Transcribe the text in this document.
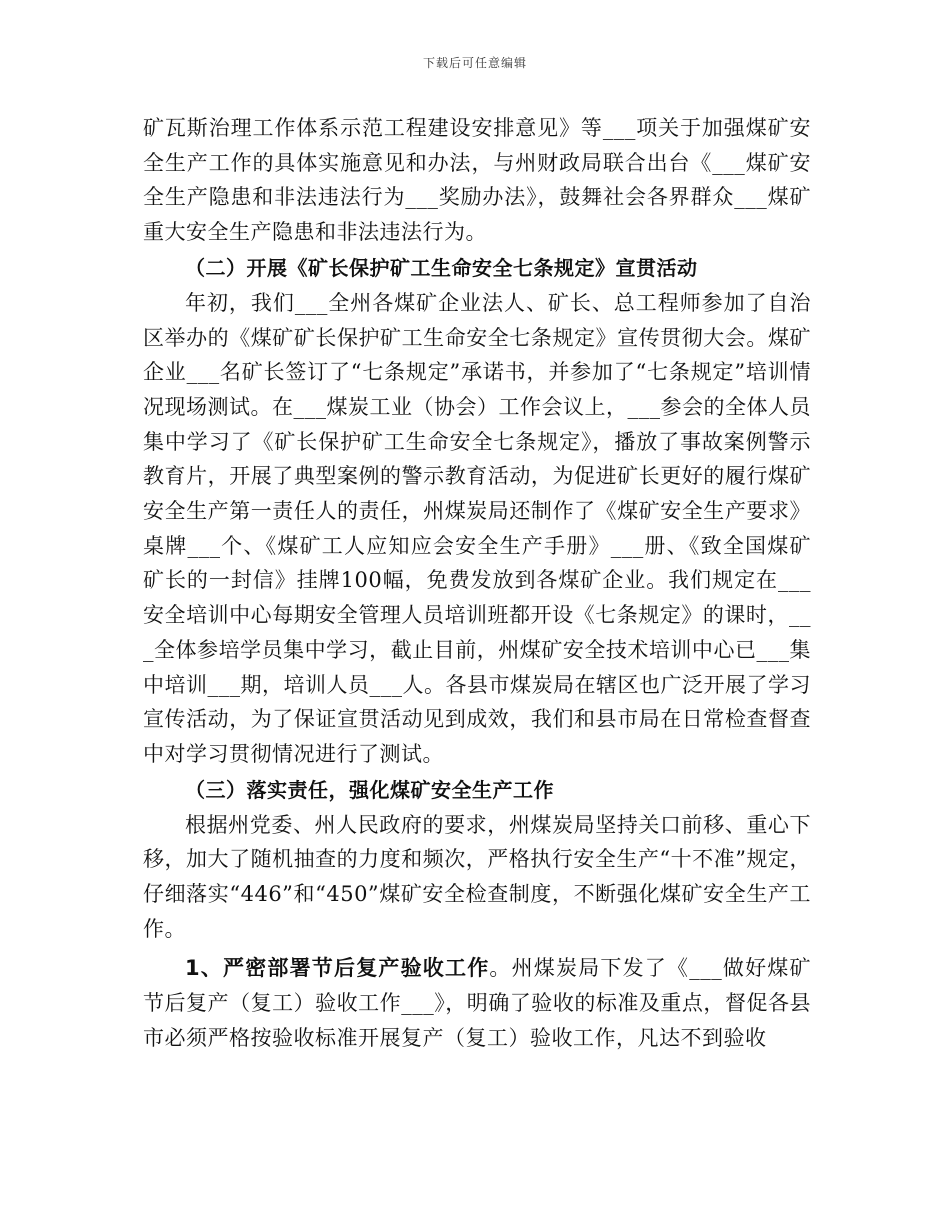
下载后可任意编辑

矿瓦斯治理工作体系示范工程建设安排意见》等___项关于加强煤矿安全生产工作的具体实施意见和办法，与州财政局联合出台《___煤矿安全生产隐患和非法违法行为___奖励办法》，鼓舞社会各界群众___煤矿重大安全生产隐患和非法违法行为。

（二）开展《矿长保护矿工生命安全七条规定》宣贯活动

年初，我们___全州各煤矿企业法人、矿长、总工程师参加了自治区举办的《煤矿矿长保护矿工生命安全七条规定》宣传贯彻大会。煤矿企业___名矿长签订了“七条规定”承诺书，并参加了“七条规定”培训情况现场测试。在___煤炭工业（协会）工作会议上，___参会的全体人员集中学习了《矿长保护矿工生命安全七条规定》，播放了事故案例警示教育片，开展了典型案例的警示教育活动，为促进矿长更好的履行煤矿安全生产第一责任人的责任，州煤炭局还制作了《煤矿安全生产要求》桌牌___个、《煤矿工人应知应会安全生产手册》___册、《致全国煤矿矿长的一封信》挂牌100幅，免费发放到各煤矿企业。我们规定在___安全培训中心每期安全管理人员培训班都开设《七条规定》的课时，___全体参培学员集中学习，截止目前，州煤矿安全技术培训中心已___集中培训___期，培训人员___人。各县市煤炭局在辖区也广泛开展了学习宣传活动，为了保证宣贯活动见到成效，我们和县市局在日常检查督查中对学习贯彻情况进行了测试。

（三）落实责任，强化煤矿安全生产工作

根据州党委、州人民政府的要求，州煤炭局坚持关口前移、重心下移，加大了随机抽查的力度和频次，严格执行安全生产“十不准”规定，仔细落实“446”和“450”煤矿安全检查制度，不断强化煤矿安全生产工作。

1、严密部署节后复产验收工作。州煤炭局下发了《___做好煤矿节后复产（复工）验收工作___》，明确了验收的标准及重点，督促各县市必须严格按验收标准开展复产（复工）验收工作，凡达不到验收
